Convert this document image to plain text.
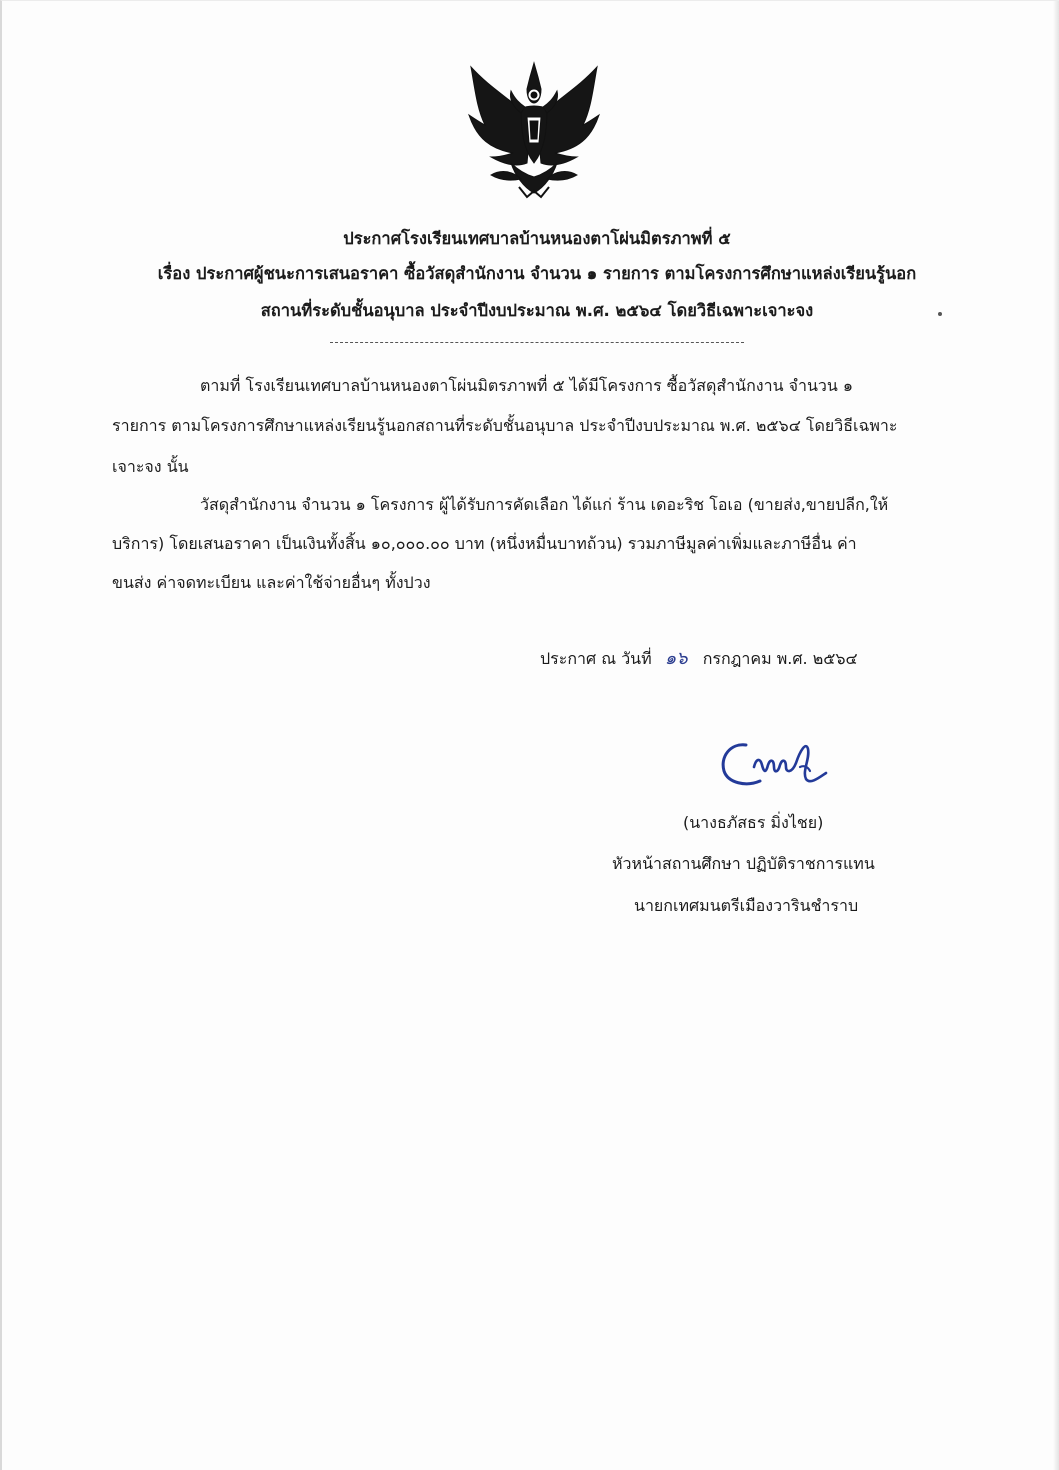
ประกาศโรงเรียนเทศบาลบ้านหนองตาโผ่นมิตรภาพที่ ๕
เรื่อง ประกาศผู้ชนะการเสนอราคา ซื้อวัสดุสำนักงาน จำนวน ๑ รายการ ตามโครงการศึกษาแหล่งเรียนรู้นอก
สถานที่ระดับชั้นอนุบาล ประจำปีงบประมาณ พ.ศ. ๒๕๖๔ โดยวิธีเฉพาะเจาะจง
ตามที่ โรงเรียนเทศบาลบ้านหนองตาโผ่นมิตรภาพที่ ๕ ได้มีโครงการ ซื้อวัสดุสำนักงาน จำนวน ๑
รายการ ตามโครงการศึกษาแหล่งเรียนรู้นอกสถานที่ระดับชั้นอนุบาล ประจำปีงบประมาณ พ.ศ. ๒๕๖๔ โดยวิธีเฉพาะ
เจาะจง นั้น
วัสดุสำนักงาน จำนวน ๑ โครงการ ผู้ได้รับการคัดเลือก ได้แก่ ร้าน เดอะริช โอเอ (ขายส่ง,ขายปลีก,ให้
บริการ) โดยเสนอราคา เป็นเงินทั้งสิ้น ๑๐,๐๐๐.๐๐ บาท (หนึ่งหมื่นบาทถ้วน) รวมภาษีมูลค่าเพิ่มและภาษีอื่น ค่า
ขนส่ง ค่าจดทะเบียน และค่าใช้จ่ายอื่นๆ ทั้งปวง
ประกาศ ณ วันที่ ๑๖ กรกฎาคม พ.ศ. ๒๕๖๔
(นางธภัสธร มิ่งไชย)
หัวหน้าสถานศึกษา ปฏิบัติราชการแทน
นายกเทศมนตรีเมืองวารินชำราบ
